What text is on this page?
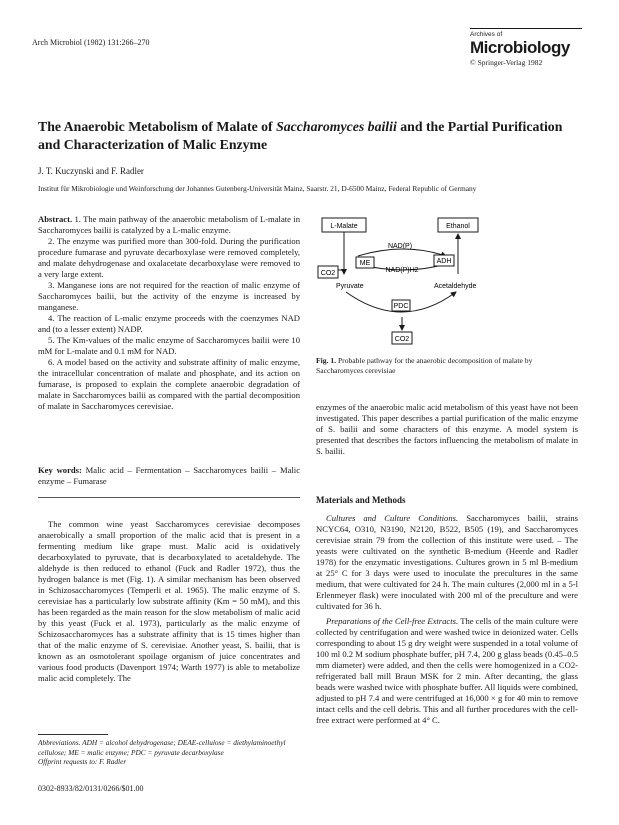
Arch Microbiol (1982) 131:266–270
Archives of
Microbiology
© Springer-Verlag 1982
The Anaerobic Metabolism of Malate of Saccharomyces bailii and the Partial Purification and Characterization of Malic Enzyme
J. T. Kuczynski and F. Radler
Institut für Mikrobiologie und Weinforschung der Johannes Gutenberg-Universität Mainz, Saarstr. 21, D-6500 Mainz, Federal Republic of Germany

Abstract. 1. The main pathway of the anaerobic metabolism of L-malate in Saccharomyces bailii is catalyzed by a L-malic enzyme.

2. The enzyme was purified more than 300-fold. During the purification procedure fumarase and pyruvate decarboxylase were removed completely, and malate dehydrogenase and oxalacetate decarboxylase were removed to a very large extent.

3. Manganese ions are not required for the reaction of malic enzyme of Saccharomyces bailii, but the activity of the enzyme is increased by manganese.

4. The reaction of L-malic enzyme proceeds with the coenzymes NAD and (to a lesser extent) NADP.

5. The Km-values of the malic enzyme of Saccharomyces bailii were 10 mM for L-malate and 0.1 mM for NAD.

6. A model based on the activity and substrate affinity of malic enzyme, the intracellular concentration of malate and phosphate, and its action on fumarase, is proposed to explain the complete anaerobic degradation of malate in Saccharomyces bailii as compared with the partial decomposition of malate in Saccharomyces cerevisiae.

Key words: Malic acid – Fermentation – Saccharomyces bailii – Malic enzyme – Fumarase

The common wine yeast Saccharomyces cerevisiae decomposes anaerobically a small proportion of the malic acid that is present in a fermenting medium like grape must. Malic acid is oxidatively decarboxylated to pyruvate, that is decarboxylated to acetaldehyde. The aldehyde is then reduced to ethanol (Fuck and Radler 1972), thus the hydrogen balance is met (Fig. 1). A similar mechanism has been observed in Schizosaccharomyces (Temperli et al. 1965). The malic enzyme of S. cerevisiae has a particularly low substrate affinity (Km = 50 mM), and this has been regarded as the main reason for the slow metabolism of malic acid by this yeast (Fuck et al. 1973), particularly as the malic enzyme of Schizosaccharomyces has a substrate affinity that is 15 times higher than that of the malic enzyme of S. cerevisiae. Another yeast, S. bailii, that is known as an osmotolerant spoilage organism of juice concentrates and various food products (Davenport 1974; Warth 1977) is able to metabolize malic acid completely. The

Abbreviations. ADH = alcohol dehydrogenase; DEAE-cellulose = diethylaminoethyl cellulose; ME = malic enzyme; PDC = pyruvate decarboxylase
Offprint requests to: F. Radler
0302-8933/82/0131/0266/$01.00
L-Malate	Ethanol
NAD(P)
NAD(P)H2
ME	ADH
CO2
Pyruvate	Acetaldehyde
PDC
CO2
Fig. 1. Probable pathway for the anaerobic decomposition of malate by Saccharomyces cerevisiae
enzymes of the anaerobic malic acid metabolism of this yeast have not been investigated. This paper describes a partial purification of the malic enzyme of S. bailii and some characters of this enzyme. A model system is presented that describes the factors influencing the metabolism of malate in S. bailii.
Materials and Methods

Cultures and Culture Conditions. Saccharomyces bailii, strains NCYC64, O310, N3190, N2120, B522, B505 (19), and Saccharomyces cerevisiae strain 79 from the collection of this institute were used. – The yeasts were cultivated on the synthetic B-medium (Heerde and Radler 1978) for the enzymatic investigations. Cultures grown in 5 ml B-medium at 25° C for 3 days were used to inoculate the precultures in the same medium, that were cultivated for 24 h. The main cultures (2,000 ml in a 5-l Erlenmeyer flask) were inoculated with 200 ml of the preculture and were cultivated for 36 h.

Preparations of the Cell-free Extracts. The cells of the main culture were collected by centrifugation and were washed twice in deionized water. Cells corresponding to about 15 g dry weight were suspended in a total volume of 100 ml 0.2 M sodium phosphate buffer, pH 7.4, 200 g glass beads (0.45–0.5 mm diameter) were added, and then the cells were homogenized in a CO2-refrigerated ball mill Braun MSK for 2 min. After decanting, the glass beads were washed twice with phosphate buffer. All liquids were combined, adjusted to pH 7.4 and were centrifuged at 16,000 × g for 40 min to remove intact cells and the cell debris. This and all further procedures with the cell-free extract were performed at 4° C.
